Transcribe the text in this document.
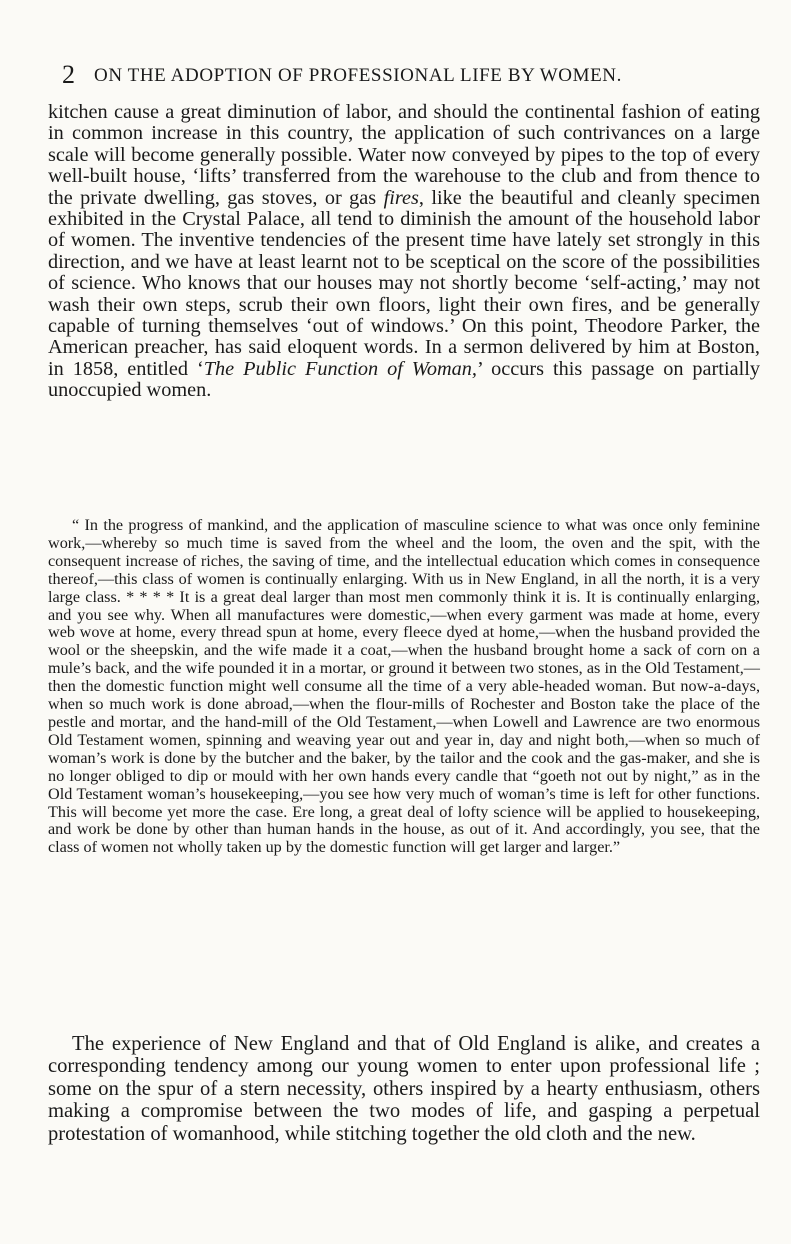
2 ON THE ADOPTION OF PROFESSIONAL LIFE BY WOMEN.

kitchen cause a great diminution of labor, and should the continental fashion of eating in common increase in this country, the application of such contrivances on a large scale will become generally possible. Water now conveyed by pipes to the top of every well-built house, ‘lifts’ transferred from the warehouse to the club and from thence to the private dwelling, gas stoves, or gas fires, like the beautiful and cleanly specimen exhibited in the Crystal Palace, all tend to diminish the amount of the household labor of women. The inventive tendencies of the present time have lately set strongly in this direction, and we have at least learnt not to be sceptical on the score of the possibilities of science. Who knows that our houses may not shortly become ‘self-acting,’ may not wash their own steps, scrub their own floors, light their own fires, and be generally capable of turning themselves ‘out of windows.’ On this point, Theodore Parker, the American preacher, has said eloquent words. In a sermon delivered by him at Boston, in 1858, entitled ‘The Public Function of Woman,’ occurs this passage on partially unoccupied women.

“ In the progress of mankind, and the application of masculine science to what was once only feminine work,—whereby so much time is saved from the wheel and the loom, the oven and the spit, with the consequent increase of riches, the saving of time, and the intellectual education which comes in consequence thereof,—this class of women is continually enlarging. With us in New England, in all the north, it is a very large class. * * * * It is a great deal larger than most men commonly think it is. It is continually enlarging, and you see why. When all manufactures were domestic,—when every garment was made at home, every web wove at home, every thread spun at home, every fleece dyed at home,—when the husband provided the wool or the sheepskin, and the wife made it a coat,—when the husband brought home a sack of corn on a mule’s back, and the wife pounded it in a mortar, or ground it between two stones, as in the Old Testament,—then the domestic function might well consume all the time of a very able-headed woman. But now-a-days, when so much work is done abroad,—when the flour-mills of Rochester and Boston take the place of the pestle and mortar, and the hand-mill of the Old Testament,—when Lowell and Lawrence are two enormous Old Testament women, spinning and weaving year out and year in, day and night both,—when so much of woman’s work is done by the butcher and the baker, by the tailor and the cook and the gas-maker, and she is no longer obliged to dip or mould with her own hands every candle that “goeth not out by night,” as in the Old Testament woman’s housekeeping,—you see how very much of woman’s time is left for other functions. This will become yet more the case. Ere long, a great deal of lofty science will be applied to housekeeping, and work be done by other than human hands in the house, as out of it. And accordingly, you see, that the class of women not wholly taken up by the domestic function will get larger and larger.”

The experience of New England and that of Old England is alike, and creates a corresponding tendency among our young women to enter upon professional life ; some on the spur of a stern necessity, others inspired by a hearty enthusiasm, others making a compromise between the two modes of life, and gasping a perpetual protestation of womanhood, while stitching together the old cloth and the new.
